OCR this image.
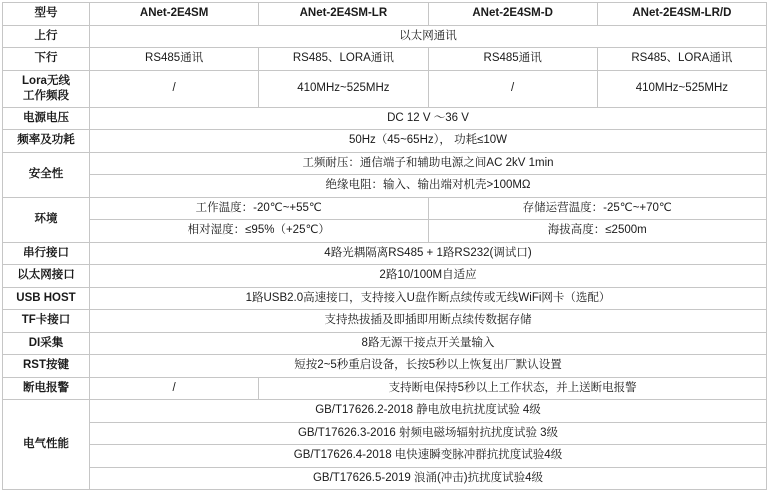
型号	ANet-2E4SM	ANet-2E4SM-LR	ANet-2E4SM-D	ANet-2E4SM-LR/D
上行	以太网通讯			
下行	RS485通讯	RS485、LORA通讯	RS485通讯	RS485、LORA通讯

Lora无线
工作频段	/	410MHz~525MHz	/	410MHz~525MHz
电源电压	DC 12 V ～36 V			
频率及功耗	50Hz（45~65Hz）， 功耗≤10W			
安全性	工频耐压：通信端子和辅助电源之间AC 2kV 1min			
	绝缘电阻：输入、输出端对机壳>100MΩ			
环境	工作温度：-20℃~+55℃		存储运营温度：-25℃~+70℃	
	相对湿度：≤95%（+25℃）		海拔高度：≤2500m	
串行接口	4路光耦隔离RS485 + 1路RS232(调试口)			
以太网接口	2路10/100M自适应			
USB HOST	1路USB2.0高速接口，支持接入U盘作断点续传或无线WiFi网卡（选配）			
TF卡接口	支持热拔插及即插即用断点续传数据存储			
DI采集	8路无源干接点开关量输入			
RST按键	短按2~5秒重启设备，长按5秒以上恢复出厂默认设置			
断电报警	/	支持断电保持5秒以上工作状态，并上送断电报警		
电气性能	GB/T17626.2-2018 静电放电抗扰度试验 4级			
	GB/T17626.3-2016 射频电磁场辐射抗扰度试验 3级			
	GB/T17626.4-2018 电快速瞬变脉冲群抗扰度试验4级			
	GB/T17626.5-2019 浪涌(冲击)抗扰度试验4级			
